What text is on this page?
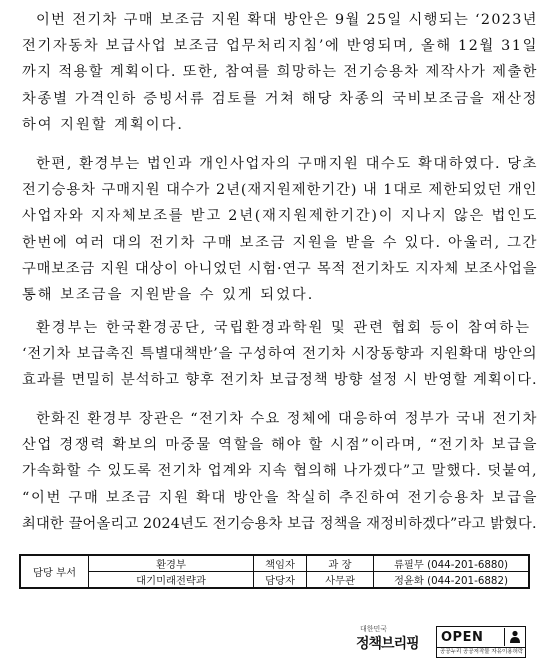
이번 전기차 구매 보조금 지원 확대 방안은 9월 25일 시행되는 ‘2023년
전기자동차 보급사업 보조금 업무처리지침’에 반영되며, 올해 12월 31일
까지 적용할 계획이다. 또한, 참여를 희망하는 전기승용차 제작사가 제출한
차종별 가격인하 증빙서류 검토를 거쳐 해당 차종의 국비보조금을 재산정
하여 지원할 계획이다.
한편, 환경부는 법인과 개인사업자의 구매지원 대수도 확대하였다. 당초
전기승용차 구매지원 대수가 2년(재지원제한기간) 내 1대로 제한되었던 개인
사업자와 지자체보조를 받고 2년(재지원제한기간)이 지나지 않은 법인도
한번에 여러 대의 전기차 구매 보조금 지원을 받을 수 있다. 아울러, 그간
구매보조금 지원 대상이 아니었던 시험·연구 목적 전기차도 지자체 보조사업을
통해 보조금을 지원받을 수 있게 되었다.
환경부는 한국환경공단, 국립환경과학원 및 관련 협회 등이 참여하는
‘전기차 보급촉진 특별대책반’을 구성하여 전기차 시장동향과 지원확대 방안의
효과를 면밀히 분석하고 향후 전기차 보급정책 방향 설정 시 반영할 계획이다.
한화진 환경부 장관은 “전기차 수요 정체에 대응하여 정부가 국내 전기차
산업 경쟁력 확보의 마중물 역할을 해야 할 시점”이라며, “전기차 보급을
가속화할 수 있도록 전기차 업계와 지속 협의해 나가겠다”고 말했다. 덧붙여,
“이번 구매 보조금 지원 확대 방안을 착실히 추진하여 전기승용차 보급을
최대한 끌어올리고 2024년도 전기승용차 보급 정책을 재정비하겠다”라고 밝혔다.
담당 부서	환경부	책임자	과 장	류필무 (044-201-6880)
	대기미래전략과	담당자	사무관	정윤화 (044-201-6882)
대한민국
정책브리핑	OPEN
공공누리 공공저작물 자유이용허락
